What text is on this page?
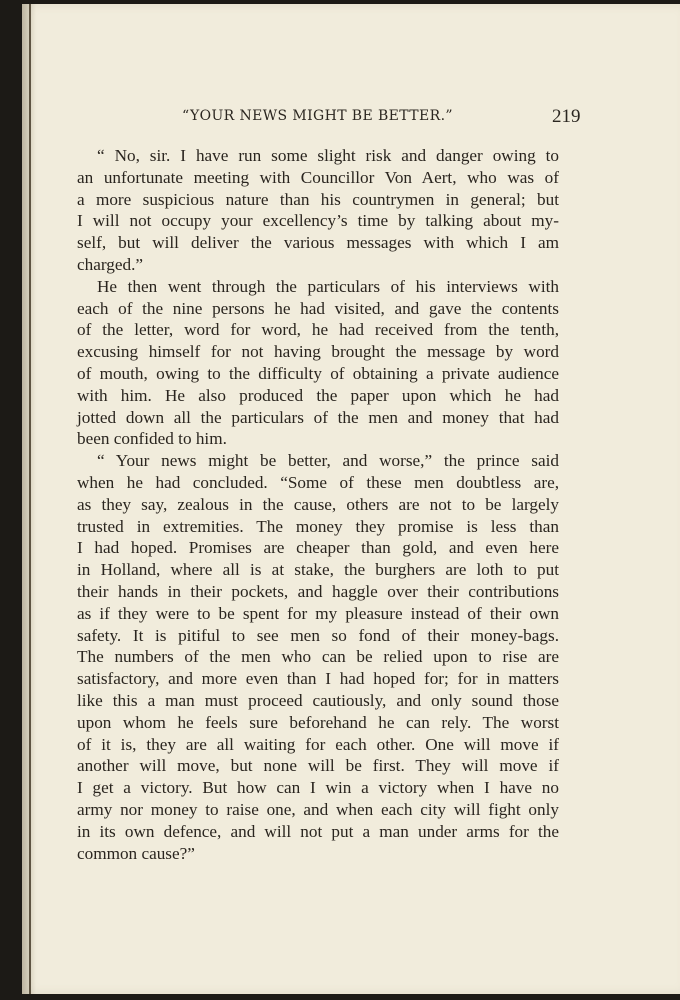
“YOUR NEWS MIGHT BE BETTER.”	219
“ No, sir. I have run some slight risk and danger owing to
an unfortunate meeting with Councillor Von Aert, who was of
a more suspicious nature than his countrymen in general; but
I will not occupy your excellency’s time by talking about my-
self, but will deliver the various messages with which I am
charged.”
He then went through the particulars of his interviews with
each of the nine persons he had visited, and gave the contents
of the letter, word for word, he had received from the tenth,
excusing himself for not having brought the message by word
of mouth, owing to the difficulty of obtaining a private audience
with him. He also produced the paper upon which he had
jotted down all the particulars of the men and money that had
been confided to him.
“ Your news might be better, and worse,” the prince said
when he had concluded. “Some of these men doubtless are,
as they say, zealous in the cause, others are not to be largely
trusted in extremities. The money they promise is less than
I had hoped. Promises are cheaper than gold, and even here
in Holland, where all is at stake, the burghers are loth to put
their hands in their pockets, and haggle over their contributions
as if they were to be spent for my pleasure instead of their own
safety. It is pitiful to see men so fond of their money-bags.
The numbers of the men who can be relied upon to rise are
satisfactory, and more even than I had hoped for; for in matters
like this a man must proceed cautiously, and only sound those
upon whom he feels sure beforehand he can rely. The worst
of it is, they are all waiting for each other. One will move if
another will move, but none will be first. They will move if
I get a victory. But how can I win a victory when I have no
army nor money to raise one, and when each city will fight only
in its own defence, and will not put a man under arms for the
common cause?”
